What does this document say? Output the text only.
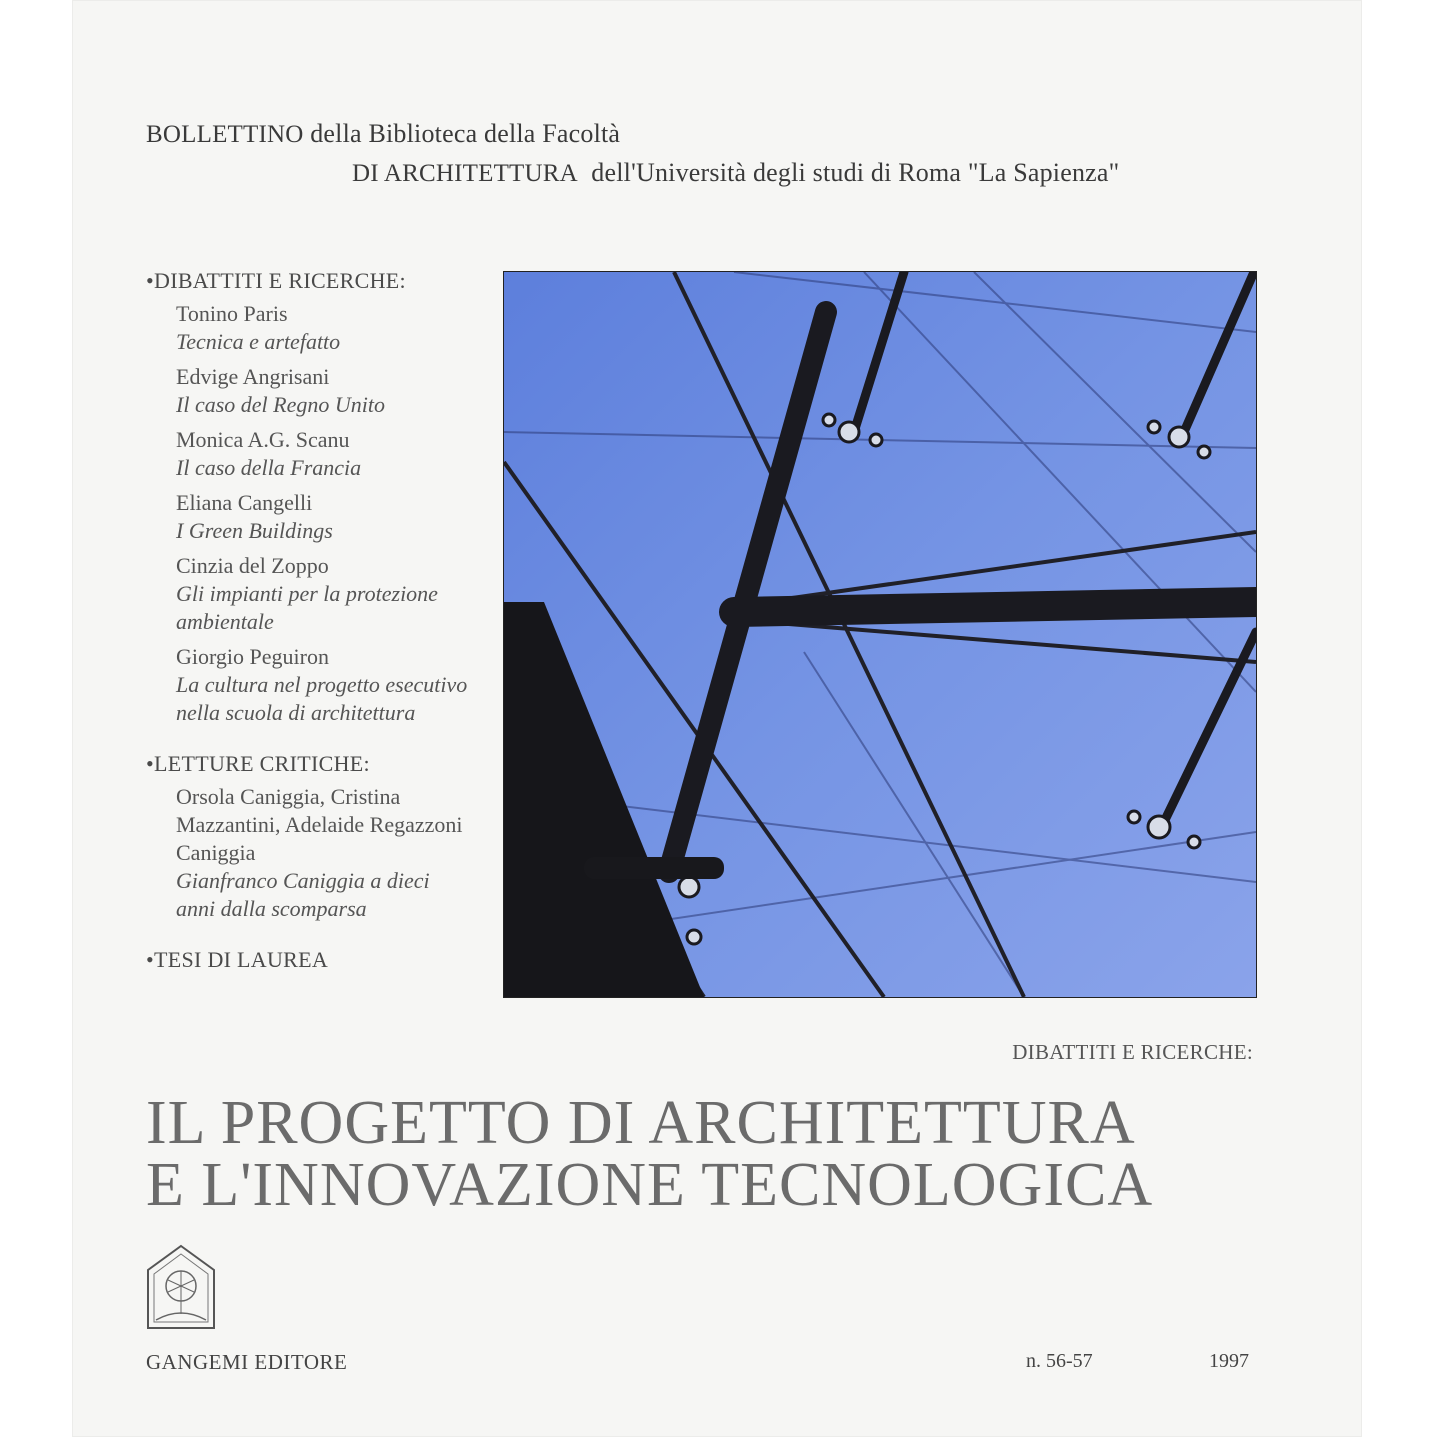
BOLLETTINO della Biblioteca della Facoltà
DI ARCHITETTURA  dell'Università degli studi di Roma "La Sapienza"
•DIBATTITI E RICERCHE:
Tonino Paris
Tecnica e artefatto
Edvige Angrisani
Il caso del Regno Unito
Monica A.G. Scanu
Il caso della Francia
Eliana Cangelli
I Green Buildings
Cinzia del Zoppo
Gli impianti per la protezione ambientale
Giorgio Peguiron
La cultura nel progetto esecutivo nella scuola di architettura
•LETTURE CRITICHE:
Orsola Caniggia, Cristina Mazzantini, Adelaide Regazzoni Caniggia
Gianfranco Caniggia a dieci anni dalla scomparsa
•TESI DI LAUREA
DIBATTITI E RICERCHE:
IL PROGETTO DI ARCHITETTURA
E L'INNOVAZIONE TECNOLOGICA
GANGEMI EDITORE	n. 56-57	1997
